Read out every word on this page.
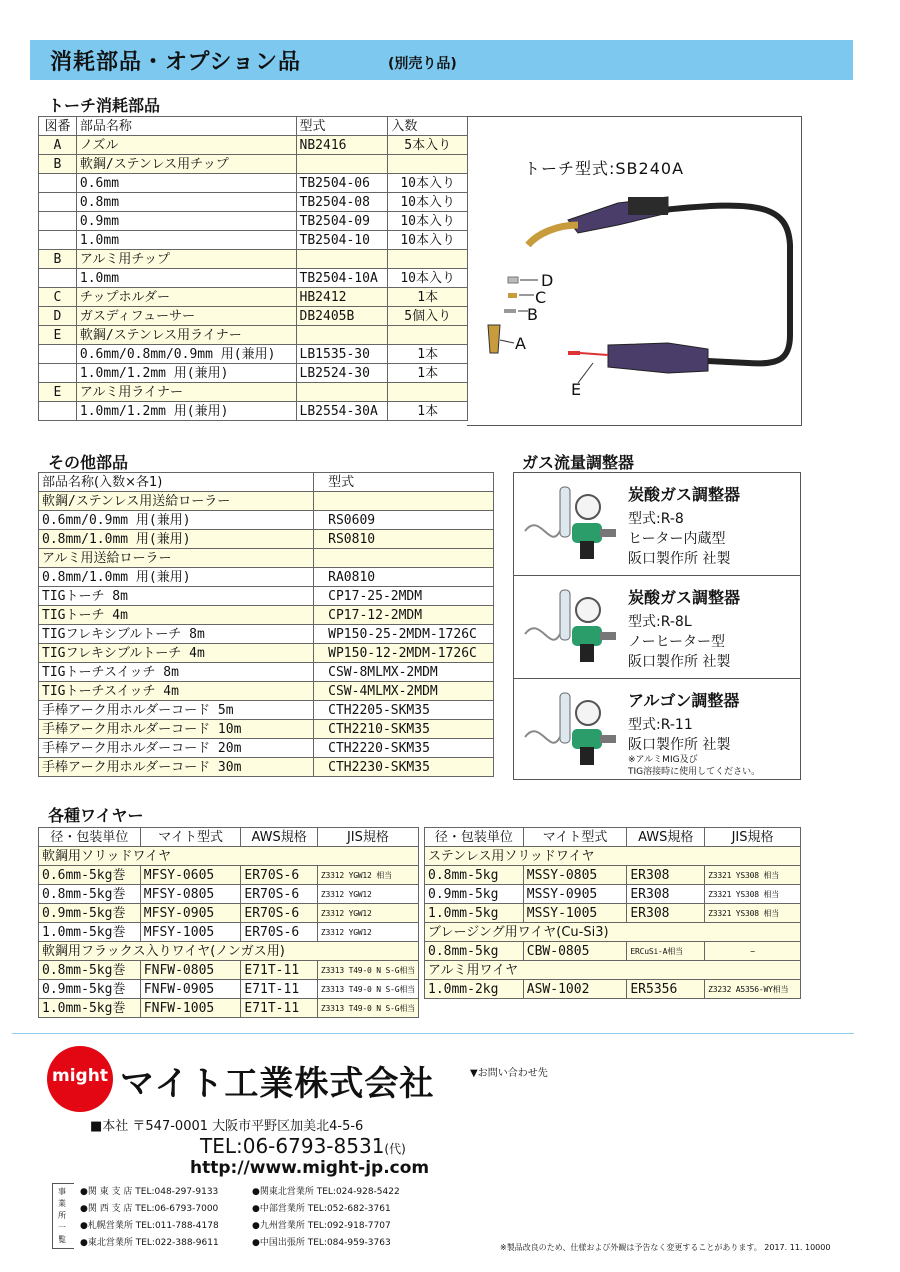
消耗部品・オプション品	(別売り品)
トーチ消耗部品
図番	部品名称	型式	入数
A	ノズル	NB2416	5本入り
B	軟鋼/ステンレス用チップ		
	0.6mm	TB2504-06	10本入り
	0.8mm	TB2504-08	10本入り
	0.9mm	TB2504-09	10本入り
	1.0mm	TB2504-10	10本入り
B	アルミ用チップ		
	1.0mm	TB2504-10A	10本入り
C	チップホルダー	HB2412	1本
D	ガスディフューサー	DB2405B	5個入り
E	軟鋼/ステンレス用ライナー		
	0.6mm/0.8mm/0.9mm 用(兼用)	LB1535-30	1本
	1.0mm/1.2mm 用(兼用)	LB2524-30	1本
E	アルミ用ライナー		
	1.0mm/1.2mm 用(兼用)	LB2554-30A	1本
トーチ型式:SB240A
D
C
B
A
E
その他部品
部品名称(入数×各1)	型式
軟鋼/ステンレス用送給ローラー	
0.6mm/0.9mm 用(兼用)	RS0609
0.8mm/1.0mm 用(兼用)	RS0810
アルミ用送給ローラー	
0.8mm/1.0mm 用(兼用)	RA0810
TIGトーチ 8m	CP17-25-2MDM
TIGトーチ 4m	CP17-12-2MDM
TIGフレキシブルトーチ 8m	WP150-25-2MDM-1726C
TIGフレキシブルトーチ 4m	WP150-12-2MDM-1726C
TIGトーチスイッチ 8m	CSW-8MLMX-2MDM
TIGトーチスイッチ 4m	CSW-4MLMX-2MDM
手棒アーク用ホルダーコード 5m	CTH2205-SKM35
手棒アーク用ホルダーコード 10m	CTH2210-SKM35
手棒アーク用ホルダーコード 20m	CTH2220-SKM35
手棒アーク用ホルダーコード 30m	CTH2230-SKM35
ガス流量調整器
炭酸ガス調整器
型式:R-8
ヒーター内蔵型
阪口製作所 社製
炭酸ガス調整器
型式:R-8L
ノーヒーター型
阪口製作所 社製
アルゴン調整器
型式:R-11
阪口製作所 社製
※アルミMIG及び
TIG溶接時に使用してください。
各種ワイヤー
径・包装単位	マイト型式	AWS規格	JIS規格
軟鋼用ソリッドワイヤ			
0.6mm-5kg巻	MFSY-0605	ER70S-6	Z3312 YGW12 相当
0.8mm-5kg巻	MFSY-0805	ER70S-6	Z3312 YGW12
0.9mm-5kg巻	MFSY-0905	ER70S-6	Z3312 YGW12
1.0mm-5kg巻	MFSY-1005	ER70S-6	Z3312 YGW12
軟鋼用フラックス入りワイヤ(ノンガス用)			
0.8mm-5kg巻	FNFW-0805	E71T-11	Z3313 T49-0 N S-G相当
0.9mm-5kg巻	FNFW-0905	E71T-11	Z3313 T49-0 N S-G相当
1.0mm-5kg巻	FNFW-1005	E71T-11	Z3313 T49-0 N S-G相当
径・包装単位	マイト型式	AWS規格	JIS規格
ステンレス用ソリッドワイヤ			
0.8mm-5kg	MSSY-0805	ER308	Z3321 YS308 相当
0.9mm-5kg	MSSY-0905	ER308	Z3321 YS308 相当
1.0mm-5kg	MSSY-1005	ER308	Z3321 YS308 相当
ブレージング用ワイヤ(Cu-Si3)			
0.8mm-5kg	CBW-0805	ERCuSi-A相当	−
アルミ用ワイヤ			
1.0mm-2kg	ASW-1002	ER5356	Z3232 A5356-WY相当
might マイト工業株式会社	▼お問い合わせ先
■本社 〒547-0001 大阪市平野区加美北4-5-6
TEL:06-6793-8531(代)
http://www.might-jp.com
事
業
所
一
覧
●関 東 支 店 TEL:048-297-9133
●関 西 支 店 TEL:06-6793-7000
●札幌営業所 TEL:011-788-4178
●東北営業所 TEL:022-388-9611
●関東北営業所 TEL:024-928-5422
●中部営業所 TEL:052-682-3761
●九州営業所 TEL:092-918-7707
●中国出張所 TEL:084-959-3763	※製品改良のため、仕様および外観は予告なく変更することがあります。 2017. 11. 10000
